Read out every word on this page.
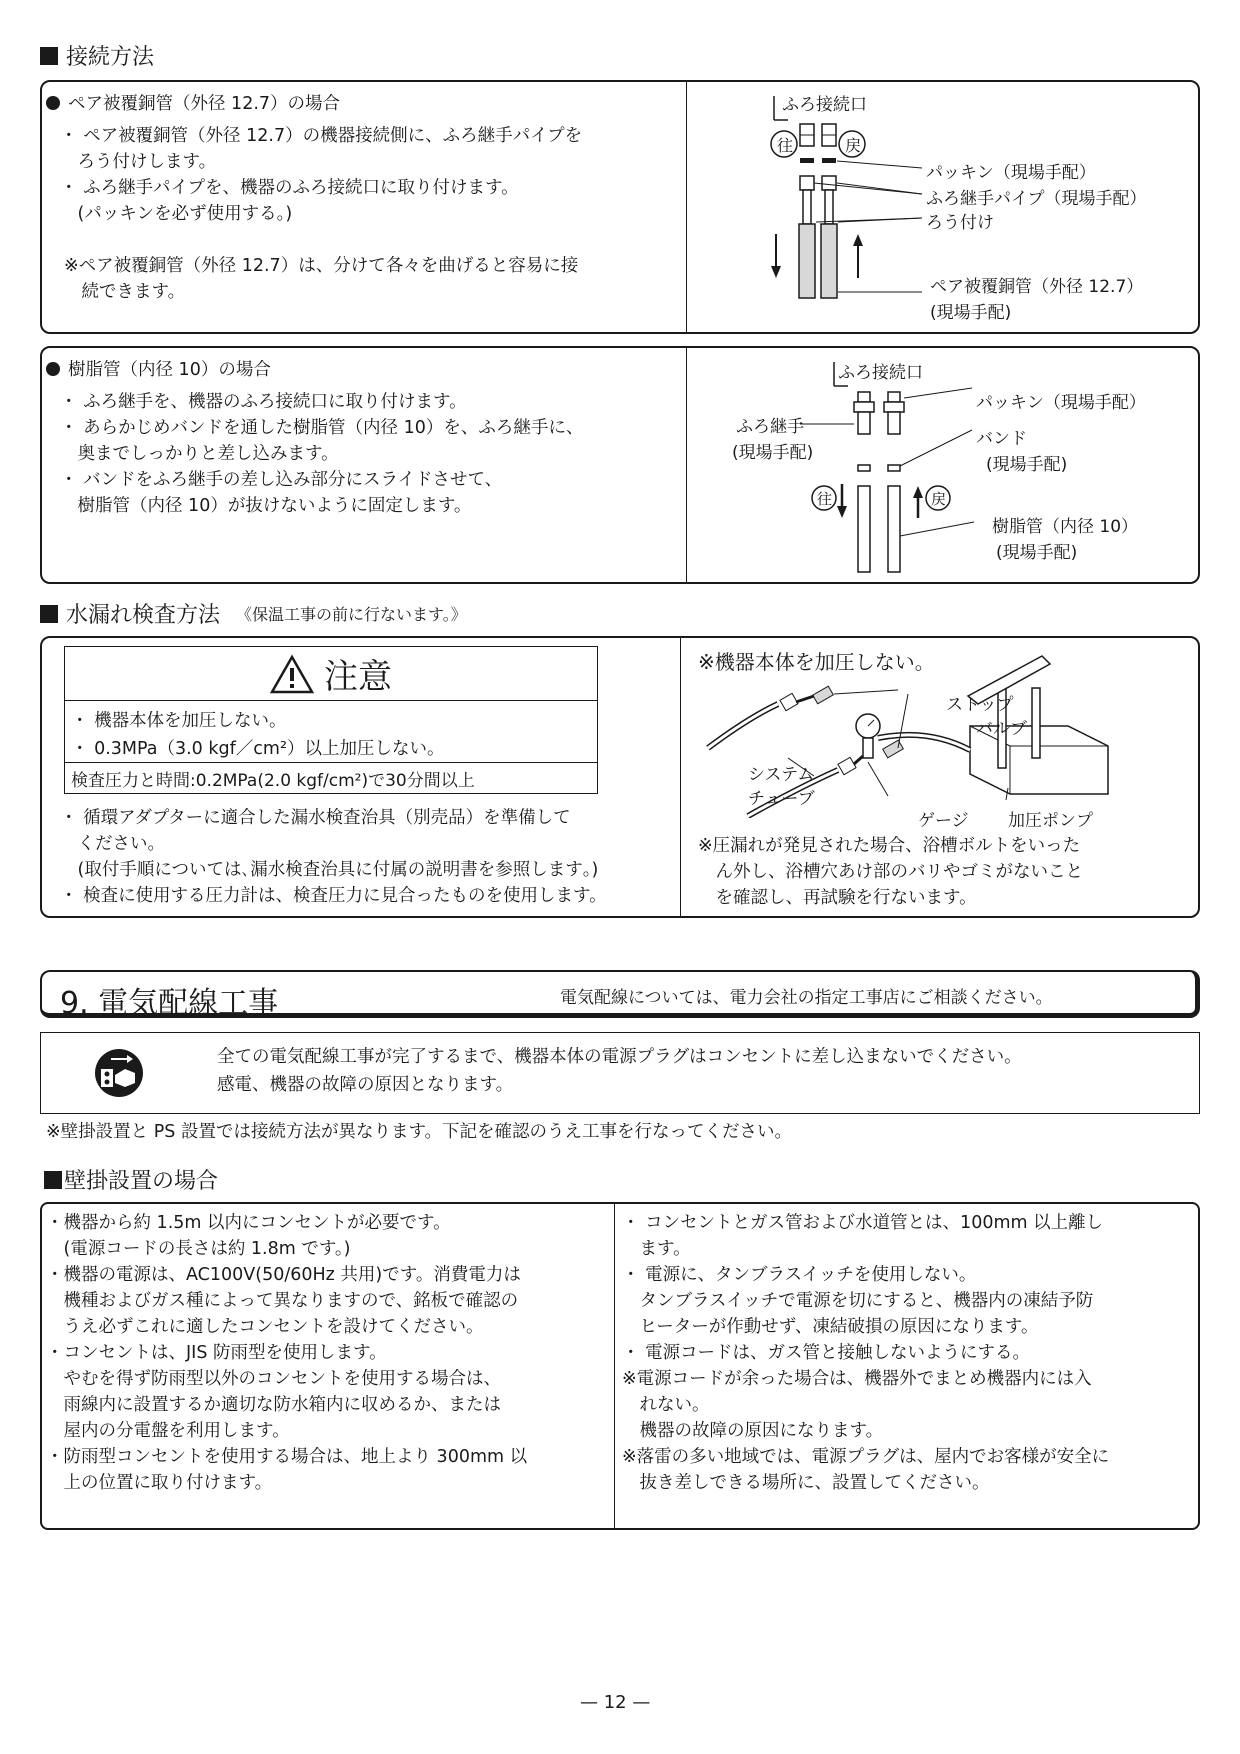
接続方法
ペア被覆銅管（外径 12.7）の場合
・ ペア被覆銅管（外径 12.7）の機器接続側に、ふろ継手パイプを
　ろう付けします。
・ ふろ継手パイプを、機器のふろ接続口に取り付けます。
　(パッキンを必ず使用する。)
※ペア被覆銅管（外径 12.7）は、分けて各々を曲げると容易に接
　続できます。
ふろ接続口
往	戻
パッキン（現場手配）
ふろ継手パイプ（現場手配）
ろう付け
ペア被覆銅管（外径 12.7）
(現場手配)
樹脂管（内径 10）の場合
・ ふろ継手を、機器のふろ接続口に取り付けます。
・ あらかじめバンドを通した樹脂管（内径 10）を、ふろ継手に、
　奥までしっかりと差し込みます。
・ バンドをふろ継手の差し込み部分にスライドさせて、
　樹脂管（内径 10）が抜けないように固定します。
ふろ接続口
ふろ継手
(現場手配)
パッキン（現場手配）
バンド
(現場手配)
往	戻
樹脂管（内径 10）
(現場手配)
水漏れ検査方法 《保温工事の前に行ないます。》
注意
・ 機器本体を加圧しない。
・ 0.3MPa（3.0 kgf／cm²）以上加圧しない。
検査圧力と時間:0.2MPa(2.0 kgf/cm²)で30分間以上
・ 循環アダプターに適合した漏水検査治具（別売品）を準備して
　ください。
　(取付手順については､漏水検査治具に付属の説明書を参照します｡)
・ 検査に使用する圧力計は、検査圧力に見合ったものを使用します。
※機器本体を加圧しない。
ストップ
バルブ
システム
チューブ
ゲージ 加圧ポンプ
※圧漏れが発見された場合、浴槽ボルトをいった
　ん外し、浴槽穴あけ部のバリやゴミがないこと
　を確認し、再試験を行ないます。
9. 電気配線工事	電気配線については、電力会社の指定工事店にご相談ください。
全ての電気配線工事が完了するまで、機器本体の電源プラグはコンセントに差し込まないでください。
感電、機器の故障の原因となります。
※壁掛設置と PS 設置では接続方法が異なります。下記を確認のうえ工事を行なってください。
壁掛設置の場合
・機器から約 1.5m 以内にコンセントが必要です。
　(電源コードの長さは約 1.8m です。)
・機器の電源は、AC100V(50/60Hz 共用)です。消費電力は
　機種およびガス種によって異なりますので、銘板で確認の
　うえ必ずこれに適したコンセントを設けてください。
・コンセントは、JIS 防雨型を使用します。
　やむを得ず防雨型以外のコンセントを使用する場合は、
　雨線内に設置するか適切な防水箱内に収めるか、または
　屋内の分電盤を利用します。
・防雨型コンセントを使用する場合は、地上より 300mm 以
　上の位置に取り付けます。
・ コンセントとガス管および水道管とは、100mm 以上離し
　ます。
・ 電源に、タンブラスイッチを使用しない。
　タンブラスイッチで電源を切にすると、機器内の凍結予防
　ヒーターが作動せず、凍結破損の原因になります。
・ 電源コードは、ガス管と接触しないようにする。
※電源コードが余った場合は、機器外でまとめ機器内には入
　れない。
　機器の故障の原因になります。
※落雷の多い地域では、電源プラグは、屋内でお客様が安全に
　抜き差しできる場所に、設置してください。
— 12 —
